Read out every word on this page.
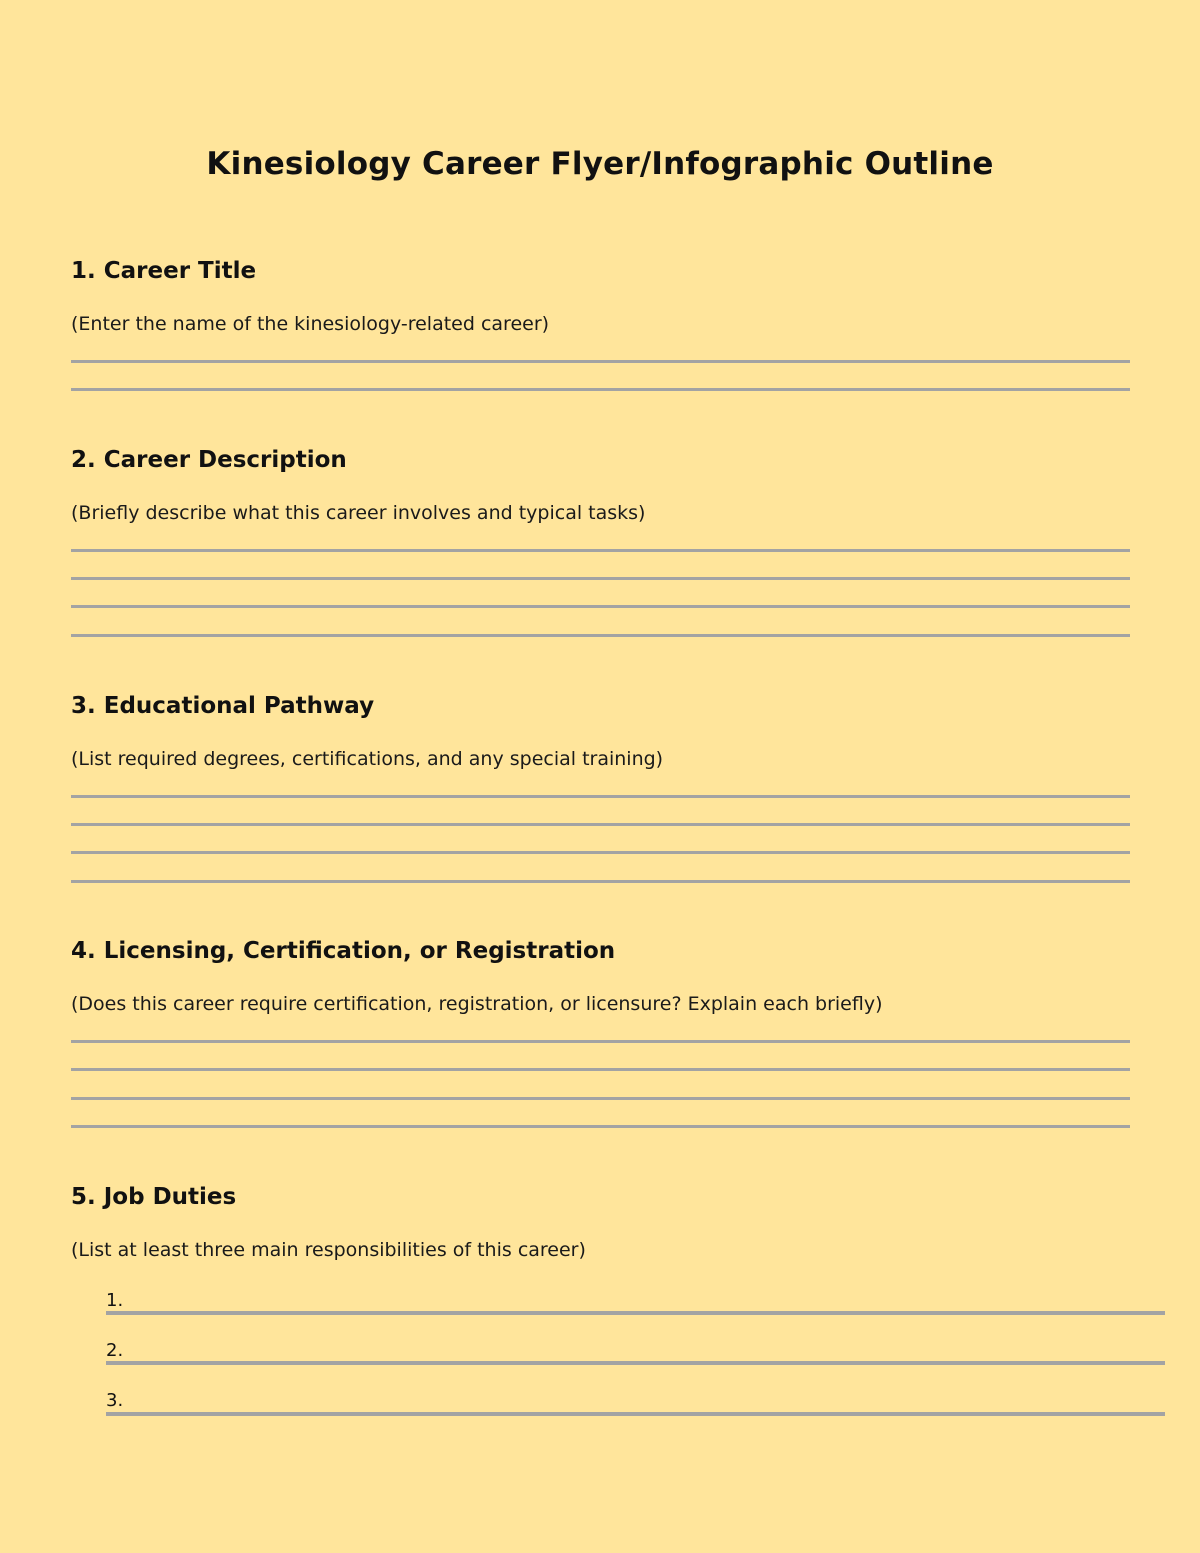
Kinesiology Career Flyer/Infographic Outline
1. Career Title
(Enter the name of the kinesiology-related career)
2. Career Description
(Briefly describe what this career involves and typical tasks)
3. Educational Pathway
(List required degrees, certifications, and any special training)
4. Licensing, Certification, or Registration
(Does this career require certification, registration, or licensure? Explain each briefly)
5. Job Duties
(List at least three main responsibilities of this career)
1.
2.
3.
